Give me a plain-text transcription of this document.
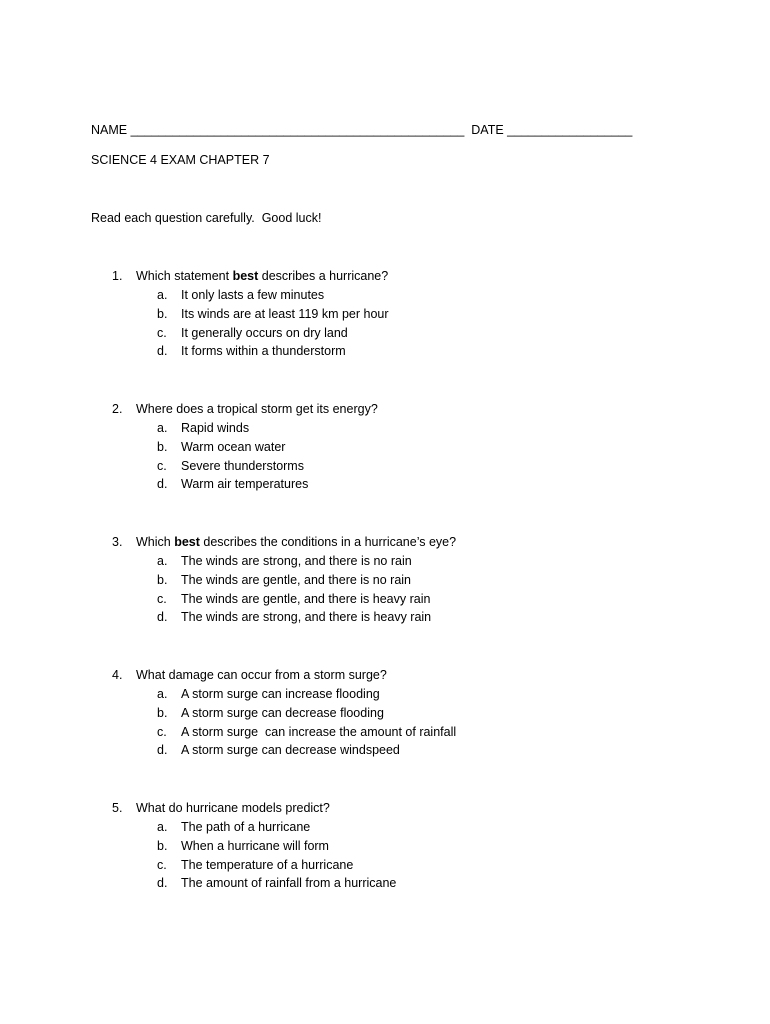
NAME ________________________________________________ DATE __________________
SCIENCE 4 EXAM CHAPTER 7
Read each question carefully.  Good luck!
1.	Which statement best describes a hurricane?
a.	It only lasts a few minutes
b.	Its winds are at least 119 km per hour
c.	It generally occurs on dry land
d.	It forms within a thunderstorm
2.	Where does a tropical storm get its energy?
a.	Rapid winds
b.	Warm ocean water
c.	Severe thunderstorms
d.	Warm air temperatures
3.	Which best describes the conditions in a hurricane’s eye?
a.	The winds are strong, and there is no rain
b.	The winds are gentle, and there is no rain
c.	The winds are gentle, and there is heavy rain
d.	The winds are strong, and there is heavy rain
4.	What damage can occur from a storm surge?
a.	A storm surge can increase flooding
b.	A storm surge can decrease flooding
c.	A storm surge  can increase the amount of rainfall
d.	A storm surge can decrease windspeed
5.	What do hurricane models predict?
a.	The path of a hurricane
b.	When a hurricane will form
c.	The temperature of a hurricane
d.	The amount of rainfall from a hurricane
